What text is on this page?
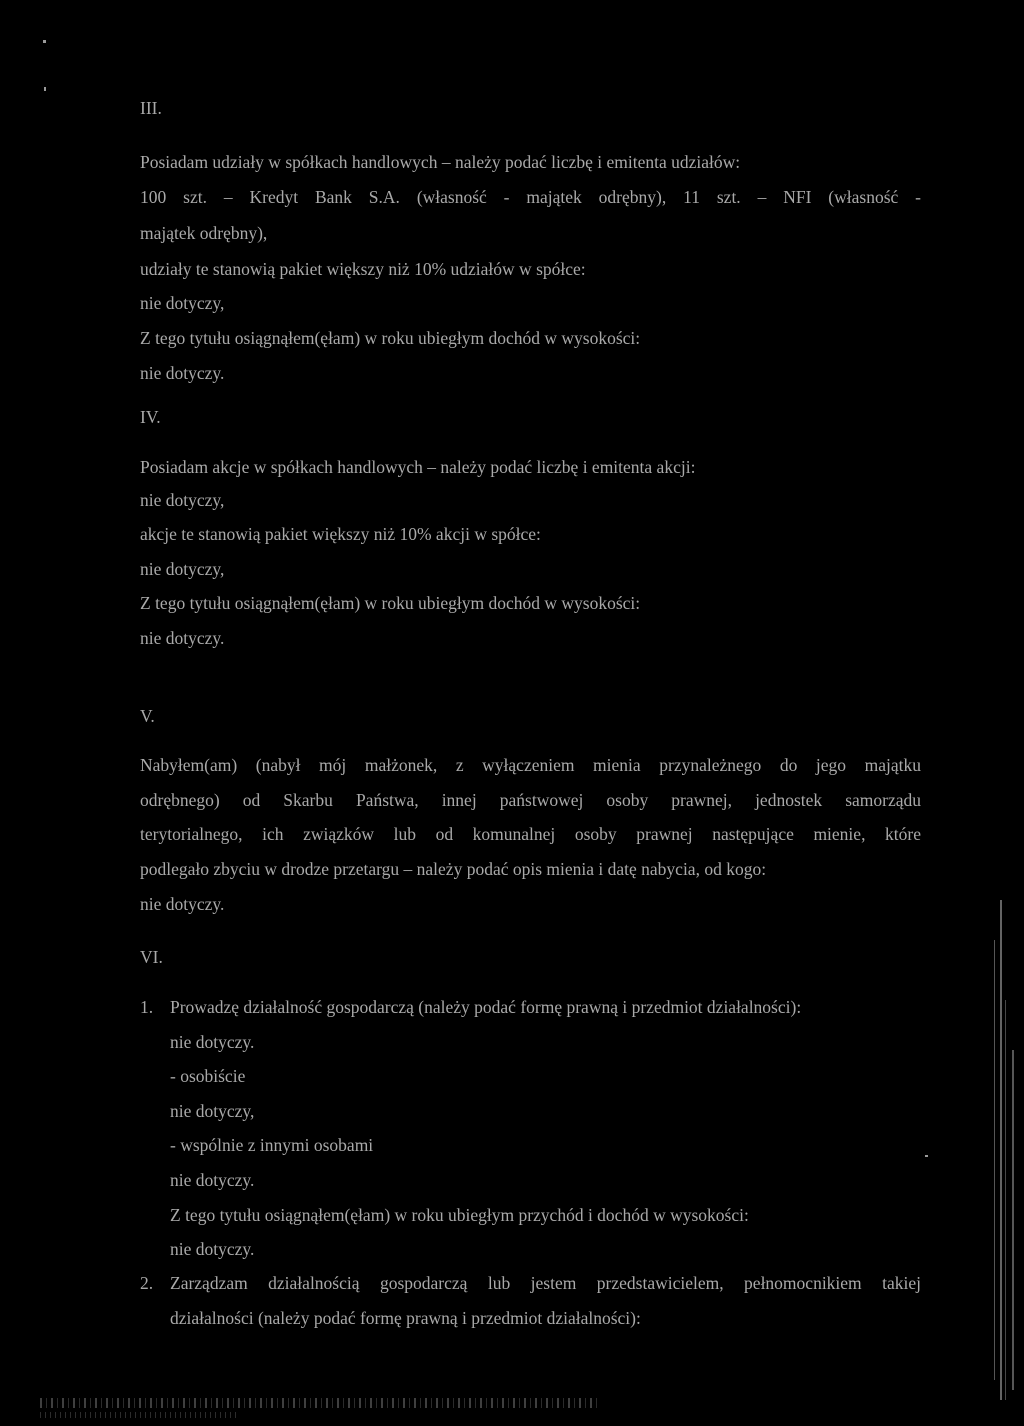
III.
Posiadam udziały w spółkach handlowych – należy podać liczbę i emitenta udziałów:
100 szt. – Kredyt Bank S.A. (własność - majątek odrębny), 11 szt. – NFI (własność -
majątek odrębny),
udziały te stanowią pakiet większy niż 10% udziałów w spółce:
nie dotyczy,
Z tego tytułu osiągnąłem(ęłam) w roku ubiegłym dochód w wysokości:
nie dotyczy.
IV.
Posiadam akcje w spółkach handlowych – należy podać liczbę i emitenta akcji:
nie dotyczy,
akcje te stanowią pakiet większy niż 10% akcji w spółce:
nie dotyczy,
Z tego tytułu osiągnąłem(ęłam) w roku ubiegłym dochód w wysokości:
nie dotyczy.
V.
Nabyłem(am) (nabył mój małżonek, z wyłączeniem mienia przynależnego do jego majątku
odrębnego) od Skarbu Państwa, innej państwowej osoby prawnej, jednostek samorządu
terytorialnego, ich związków lub od komunalnej osoby prawnej następujące mienie, które
podlegało zbyciu w drodze przetargu – należy podać opis mienia i datę nabycia, od kogo:
nie dotyczy.
VI.
1. Prowadzę działalność gospodarczą (należy podać formę prawną i przedmiot działalności):
nie dotyczy.
- osobiście
nie dotyczy,
- wspólnie z innymi osobami
nie dotyczy.
Z tego tytułu osiągnąłem(ęłam) w roku ubiegłym przychód i dochód w wysokości:
nie dotyczy.
2. Zarządzam działalnością gospodarczą lub jestem przedstawicielem, pełnomocnikiem takiej
działalności (należy podać formę prawną i przedmiot działalności):
